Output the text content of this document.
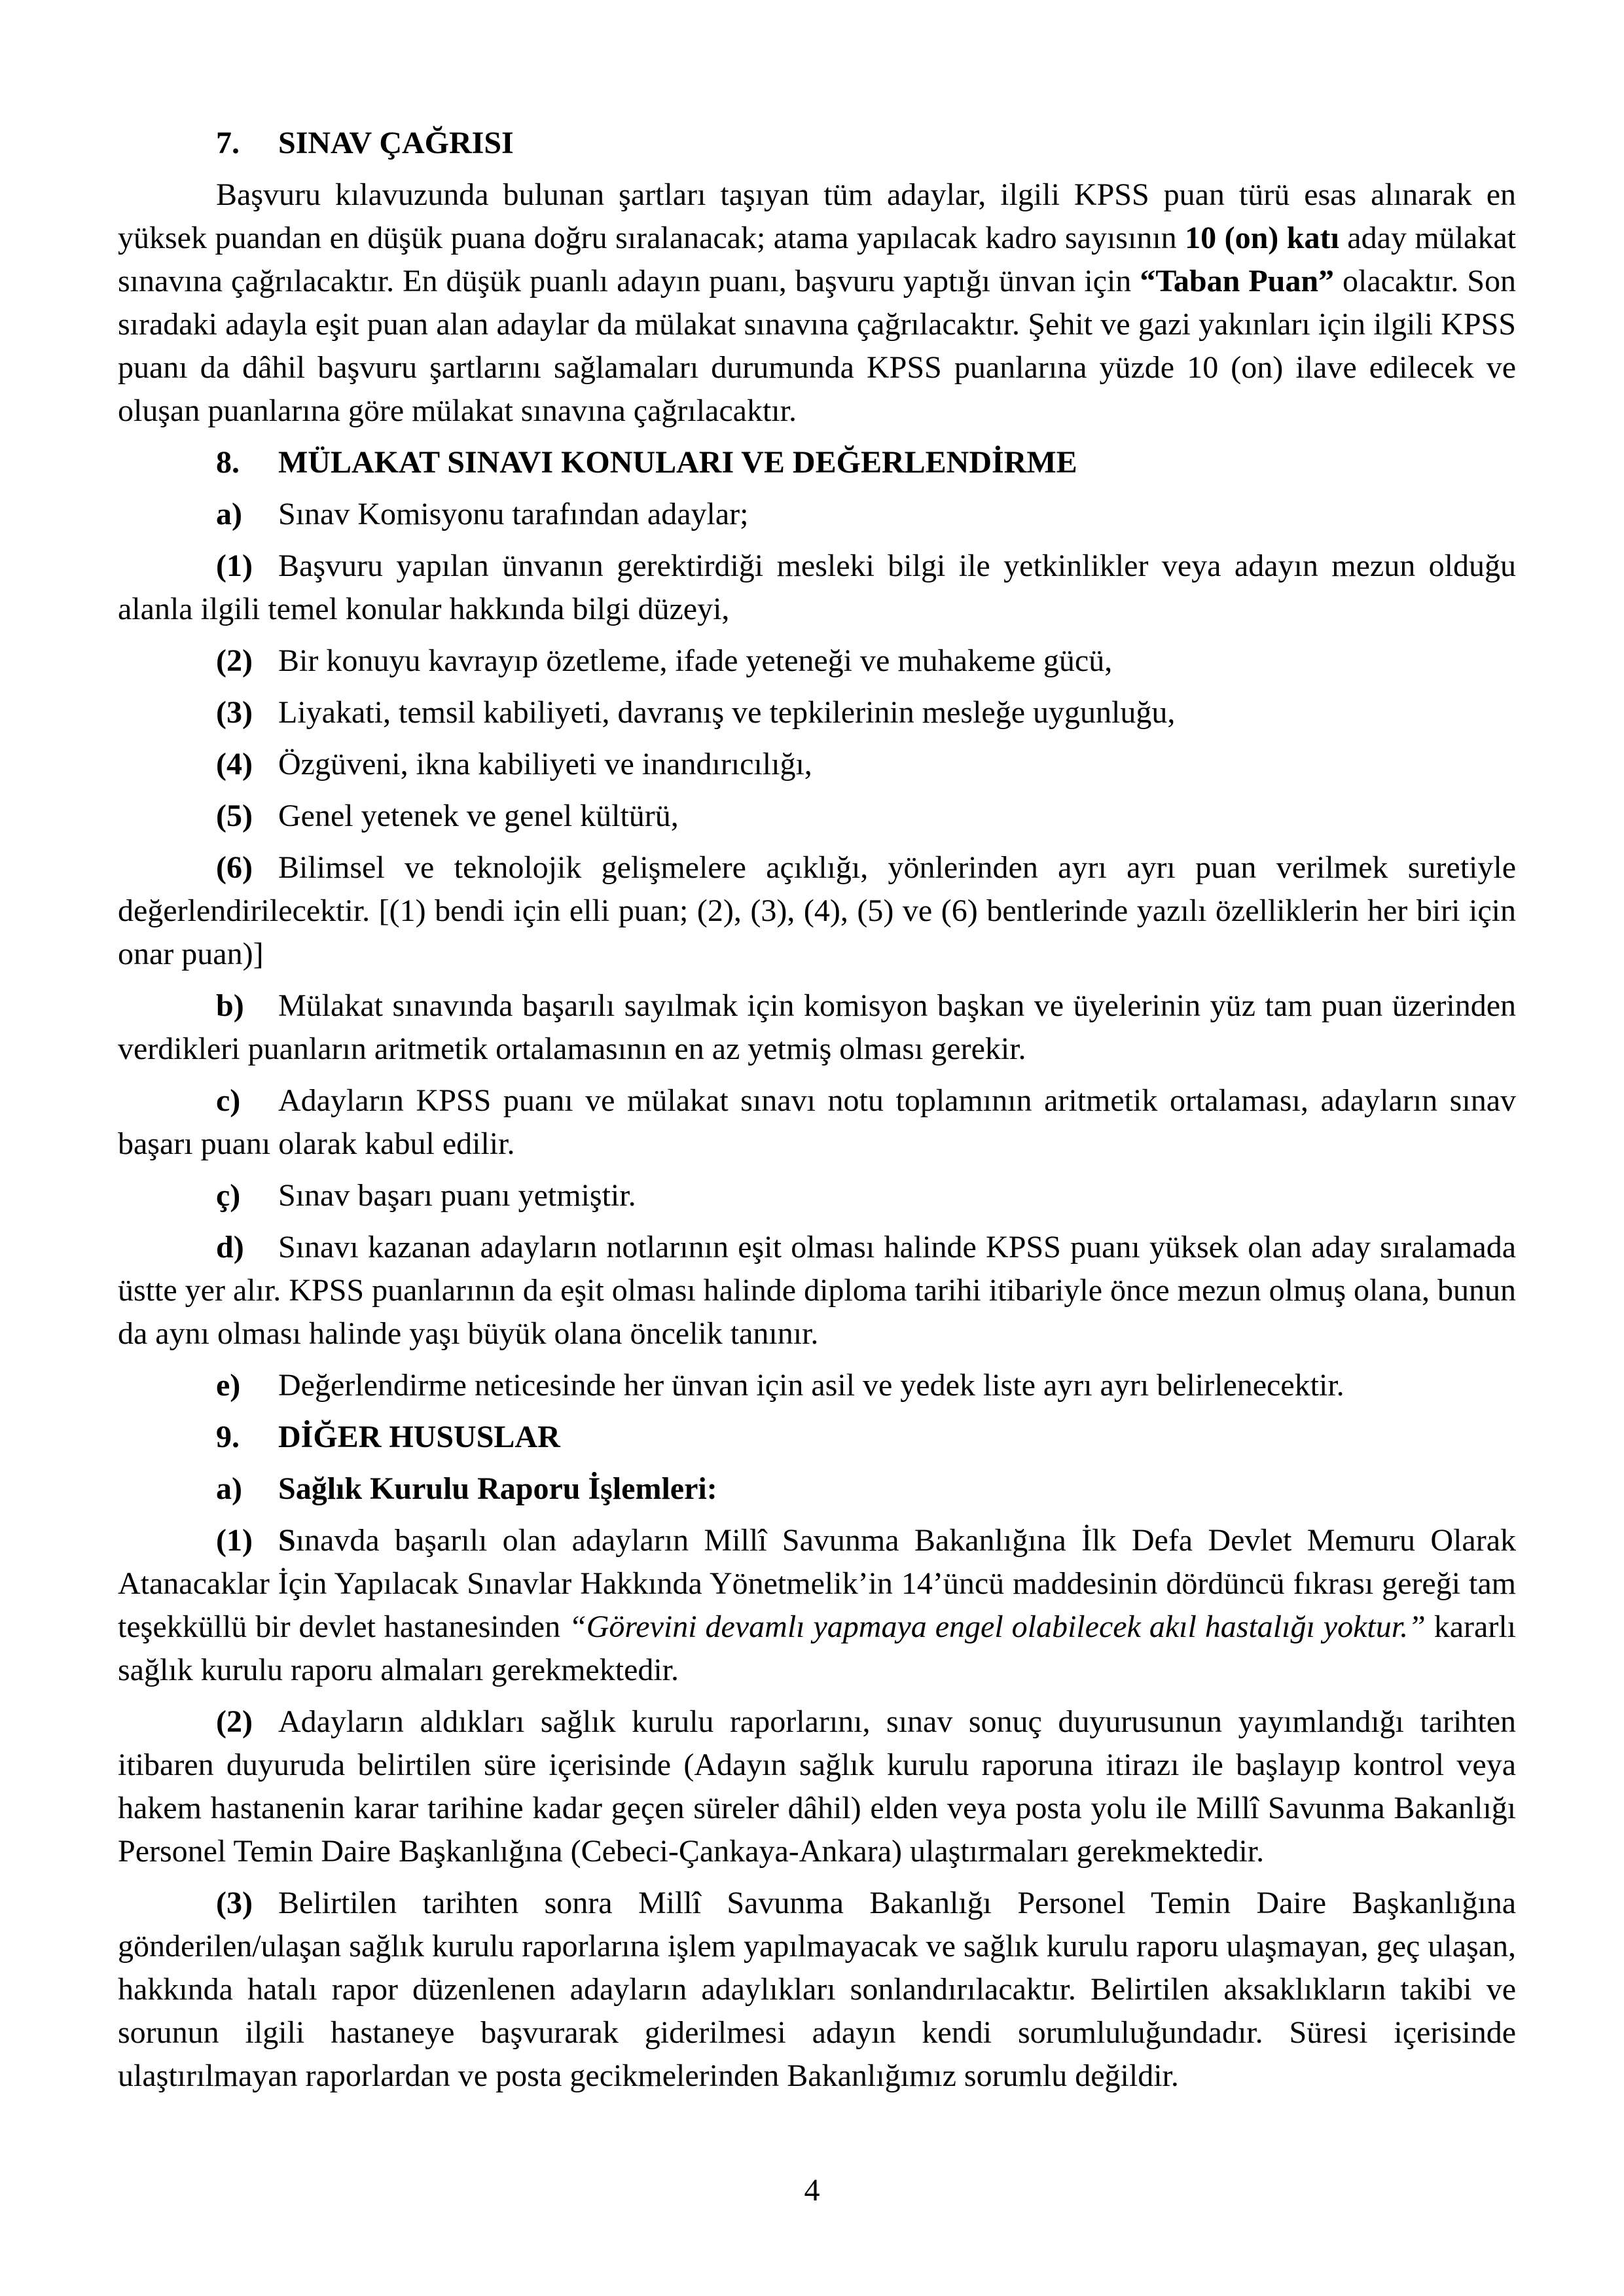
7. SINAV ÇAĞRISI
Başvuru kılavuzunda bulunan şartları taşıyan tüm adaylar, ilgili KPSS puan türü esas alınarak en yüksek puandan en düşük puana doğru sıralanacak; atama yapılacak kadro sayısının 10 (on) katı aday mülakat sınavına çağrılacaktır. En düşük puanlı adayın puanı, başvuru yaptığı ünvan için “Taban Puan” olacaktır. Son sıradaki adayla eşit puan alan adaylar da mülakat sınavına çağrılacaktır. Şehit ve gazi yakınları için ilgili KPSS puanı da dâhil başvuru şartlarını sağlamaları durumunda KPSS puanlarına yüzde 10 (on) ilave edilecek ve oluşan puanlarına göre mülakat sınavına çağrılacaktır.
8. MÜLAKAT SINAVI KONULARI VE DEĞERLENDİRME
a) Sınav Komisyonu tarafından adaylar;
(1) Başvuru yapılan ünvanın gerektirdiği mesleki bilgi ile yetkinlikler veya adayın mezun olduğu alanla ilgili temel konular hakkında bilgi düzeyi,
(2) Bir konuyu kavrayıp özetleme, ifade yeteneği ve muhakeme gücü,
(3) Liyakati, temsil kabiliyeti, davranış ve tepkilerinin mesleğe uygunluğu,
(4) Özgüveni, ikna kabiliyeti ve inandırıcılığı,
(5) Genel yetenek ve genel kültürü,
(6) Bilimsel ve teknolojik gelişmelere açıklığı, yönlerinden ayrı ayrı puan verilmek suretiyle değerlendirilecektir. [(1) bendi için elli puan; (2), (3), (4), (5) ve (6) bentlerinde yazılı özelliklerin her biri için onar puan)]
b) Mülakat sınavında başarılı sayılmak için komisyon başkan ve üyelerinin yüz tam puan üzerinden verdikleri puanların aritmetik ortalamasının en az yetmiş olması gerekir.
c) Adayların KPSS puanı ve mülakat sınavı notu toplamının aritmetik ortalaması, adayların sınav başarı puanı olarak kabul edilir.
ç) Sınav başarı puanı yetmiştir.
d) Sınavı kazanan adayların notlarının eşit olması halinde KPSS puanı yüksek olan aday sıralamada üstte yer alır. KPSS puanlarının da eşit olması halinde diploma tarihi itibariyle önce mezun olmuş olana, bunun da aynı olması halinde yaşı büyük olana öncelik tanınır.
e) Değerlendirme neticesinde her ünvan için asil ve yedek liste ayrı ayrı belirlenecektir.
9. DİĞER HUSUSLAR
a) Sağlık Kurulu Raporu İşlemleri:
(1) Sınavda başarılı olan adayların Millî Savunma Bakanlığına İlk Defa Devlet Memuru Olarak Atanacaklar İçin Yapılacak Sınavlar Hakkında Yönetmelik’in 14’üncü maddesinin dördüncü fıkrası gereği tam teşekküllü bir devlet hastanesinden “Görevini devamlı yapmaya engel olabilecek akıl hastalığı yoktur.” kararlı sağlık kurulu raporu almaları gerekmektedir.
(2) Adayların aldıkları sağlık kurulu raporlarını, sınav sonuç duyurusunun yayımlandığı tarihten itibaren duyuruda belirtilen süre içerisinde (Adayın sağlık kurulu raporuna itirazı ile başlayıp kontrol veya hakem hastanenin karar tarihine kadar geçen süreler dâhil) elden veya posta yolu ile Millî Savunma Bakanlığı Personel Temin Daire Başkanlığına (Cebeci-Çankaya-Ankara) ulaştırmaları gerekmektedir.
(3) Belirtilen tarihten sonra Millî Savunma Bakanlığı Personel Temin Daire Başkanlığına gönderilen/ulaşan sağlık kurulu raporlarına işlem yapılmayacak ve sağlık kurulu raporu ulaşmayan, geç ulaşan, hakkında hatalı rapor düzenlenen adayların adaylıkları sonlandırılacaktır. Belirtilen aksaklıkların takibi ve sorunun ilgili hastaneye başvurarak giderilmesi adayın kendi sorumluluğundadır. Süresi içerisinde ulaştırılmayan raporlardan ve posta gecikmelerinden Bakanlığımız sorumlu değildir.
4
